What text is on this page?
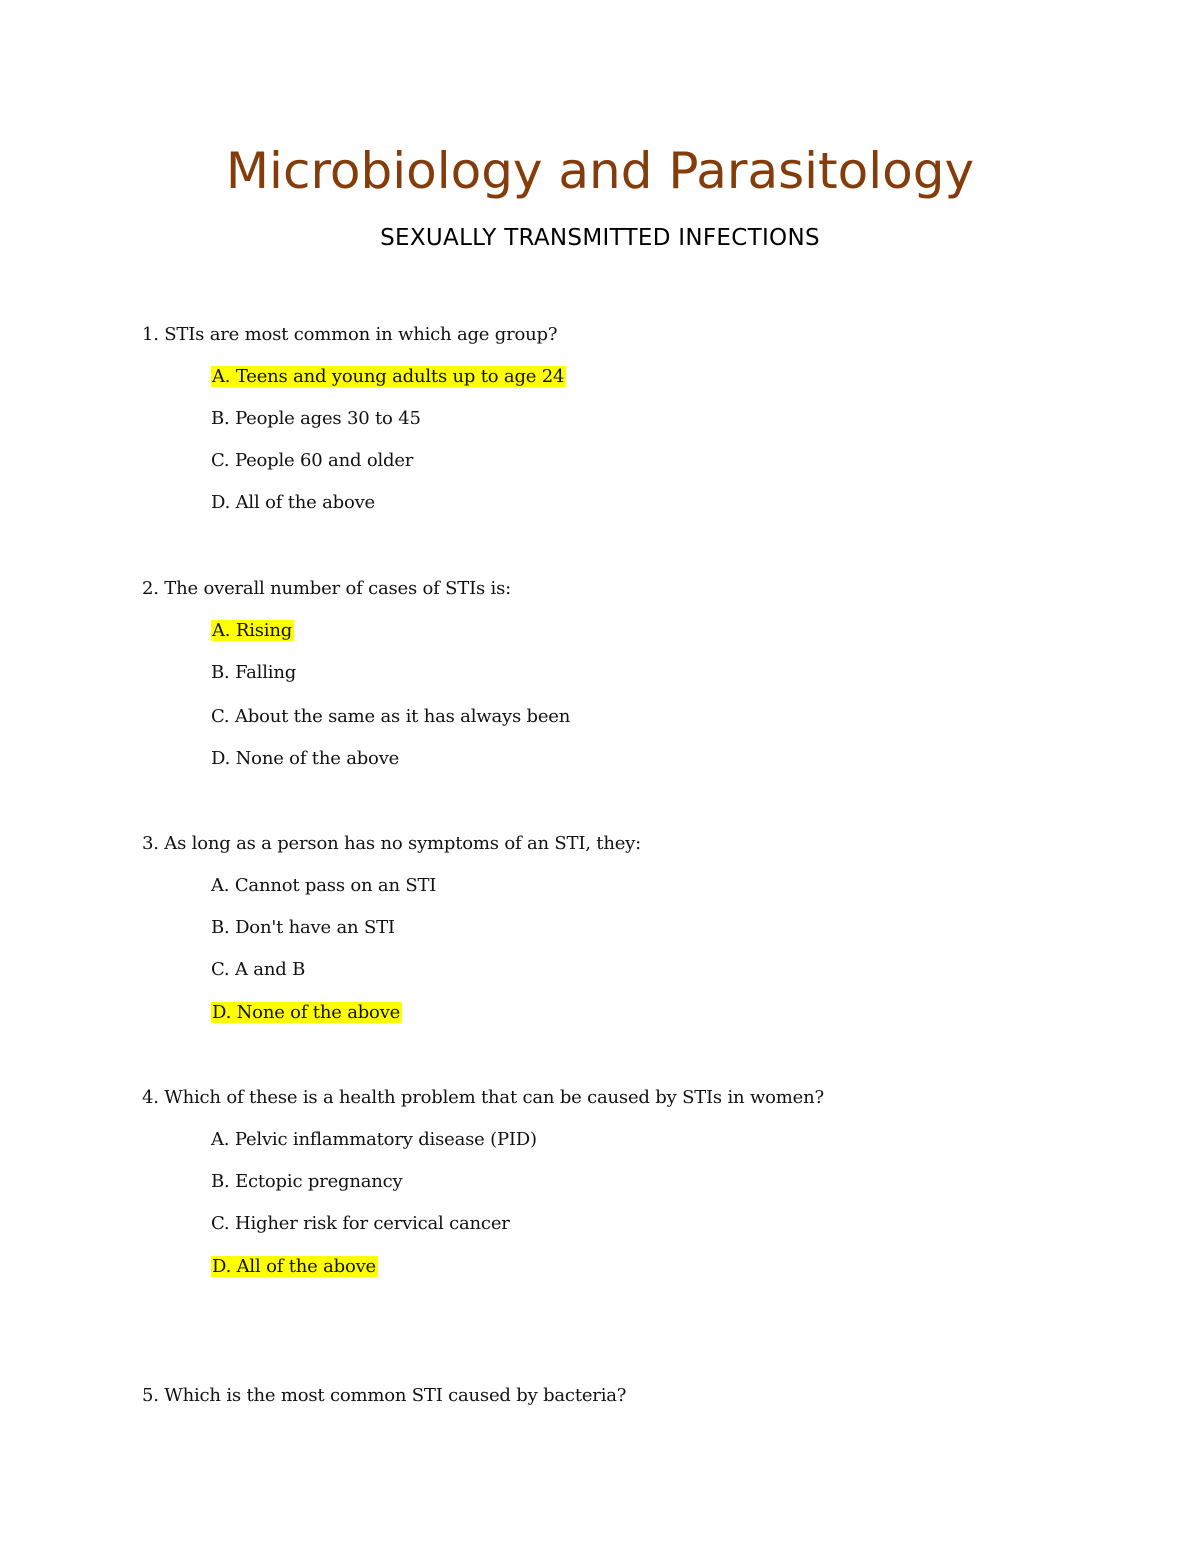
Microbiology and Parasitology
SEXUALLY TRANSMITTED INFECTIONS
1. STIs are most common in which age group?
A. Teens and young adults up to age 24
B. People ages 30 to 45
C. People 60 and older
D. All of the above
2. The overall number of cases of STIs is:
A. Rising
B. Falling
C. About the same as it has always been
D. None of the above
3. As long as a person has no symptoms of an STI, they:
A. Cannot pass on an STI
B. Don't have an STI
C. A and B
D. None of the above
4. Which of these is a health problem that can be caused by STIs in women?
A. Pelvic inflammatory disease (PID)
B. Ectopic pregnancy
C. Higher risk for cervical cancer
D. All of the above
5. Which is the most common STI caused by bacteria?
